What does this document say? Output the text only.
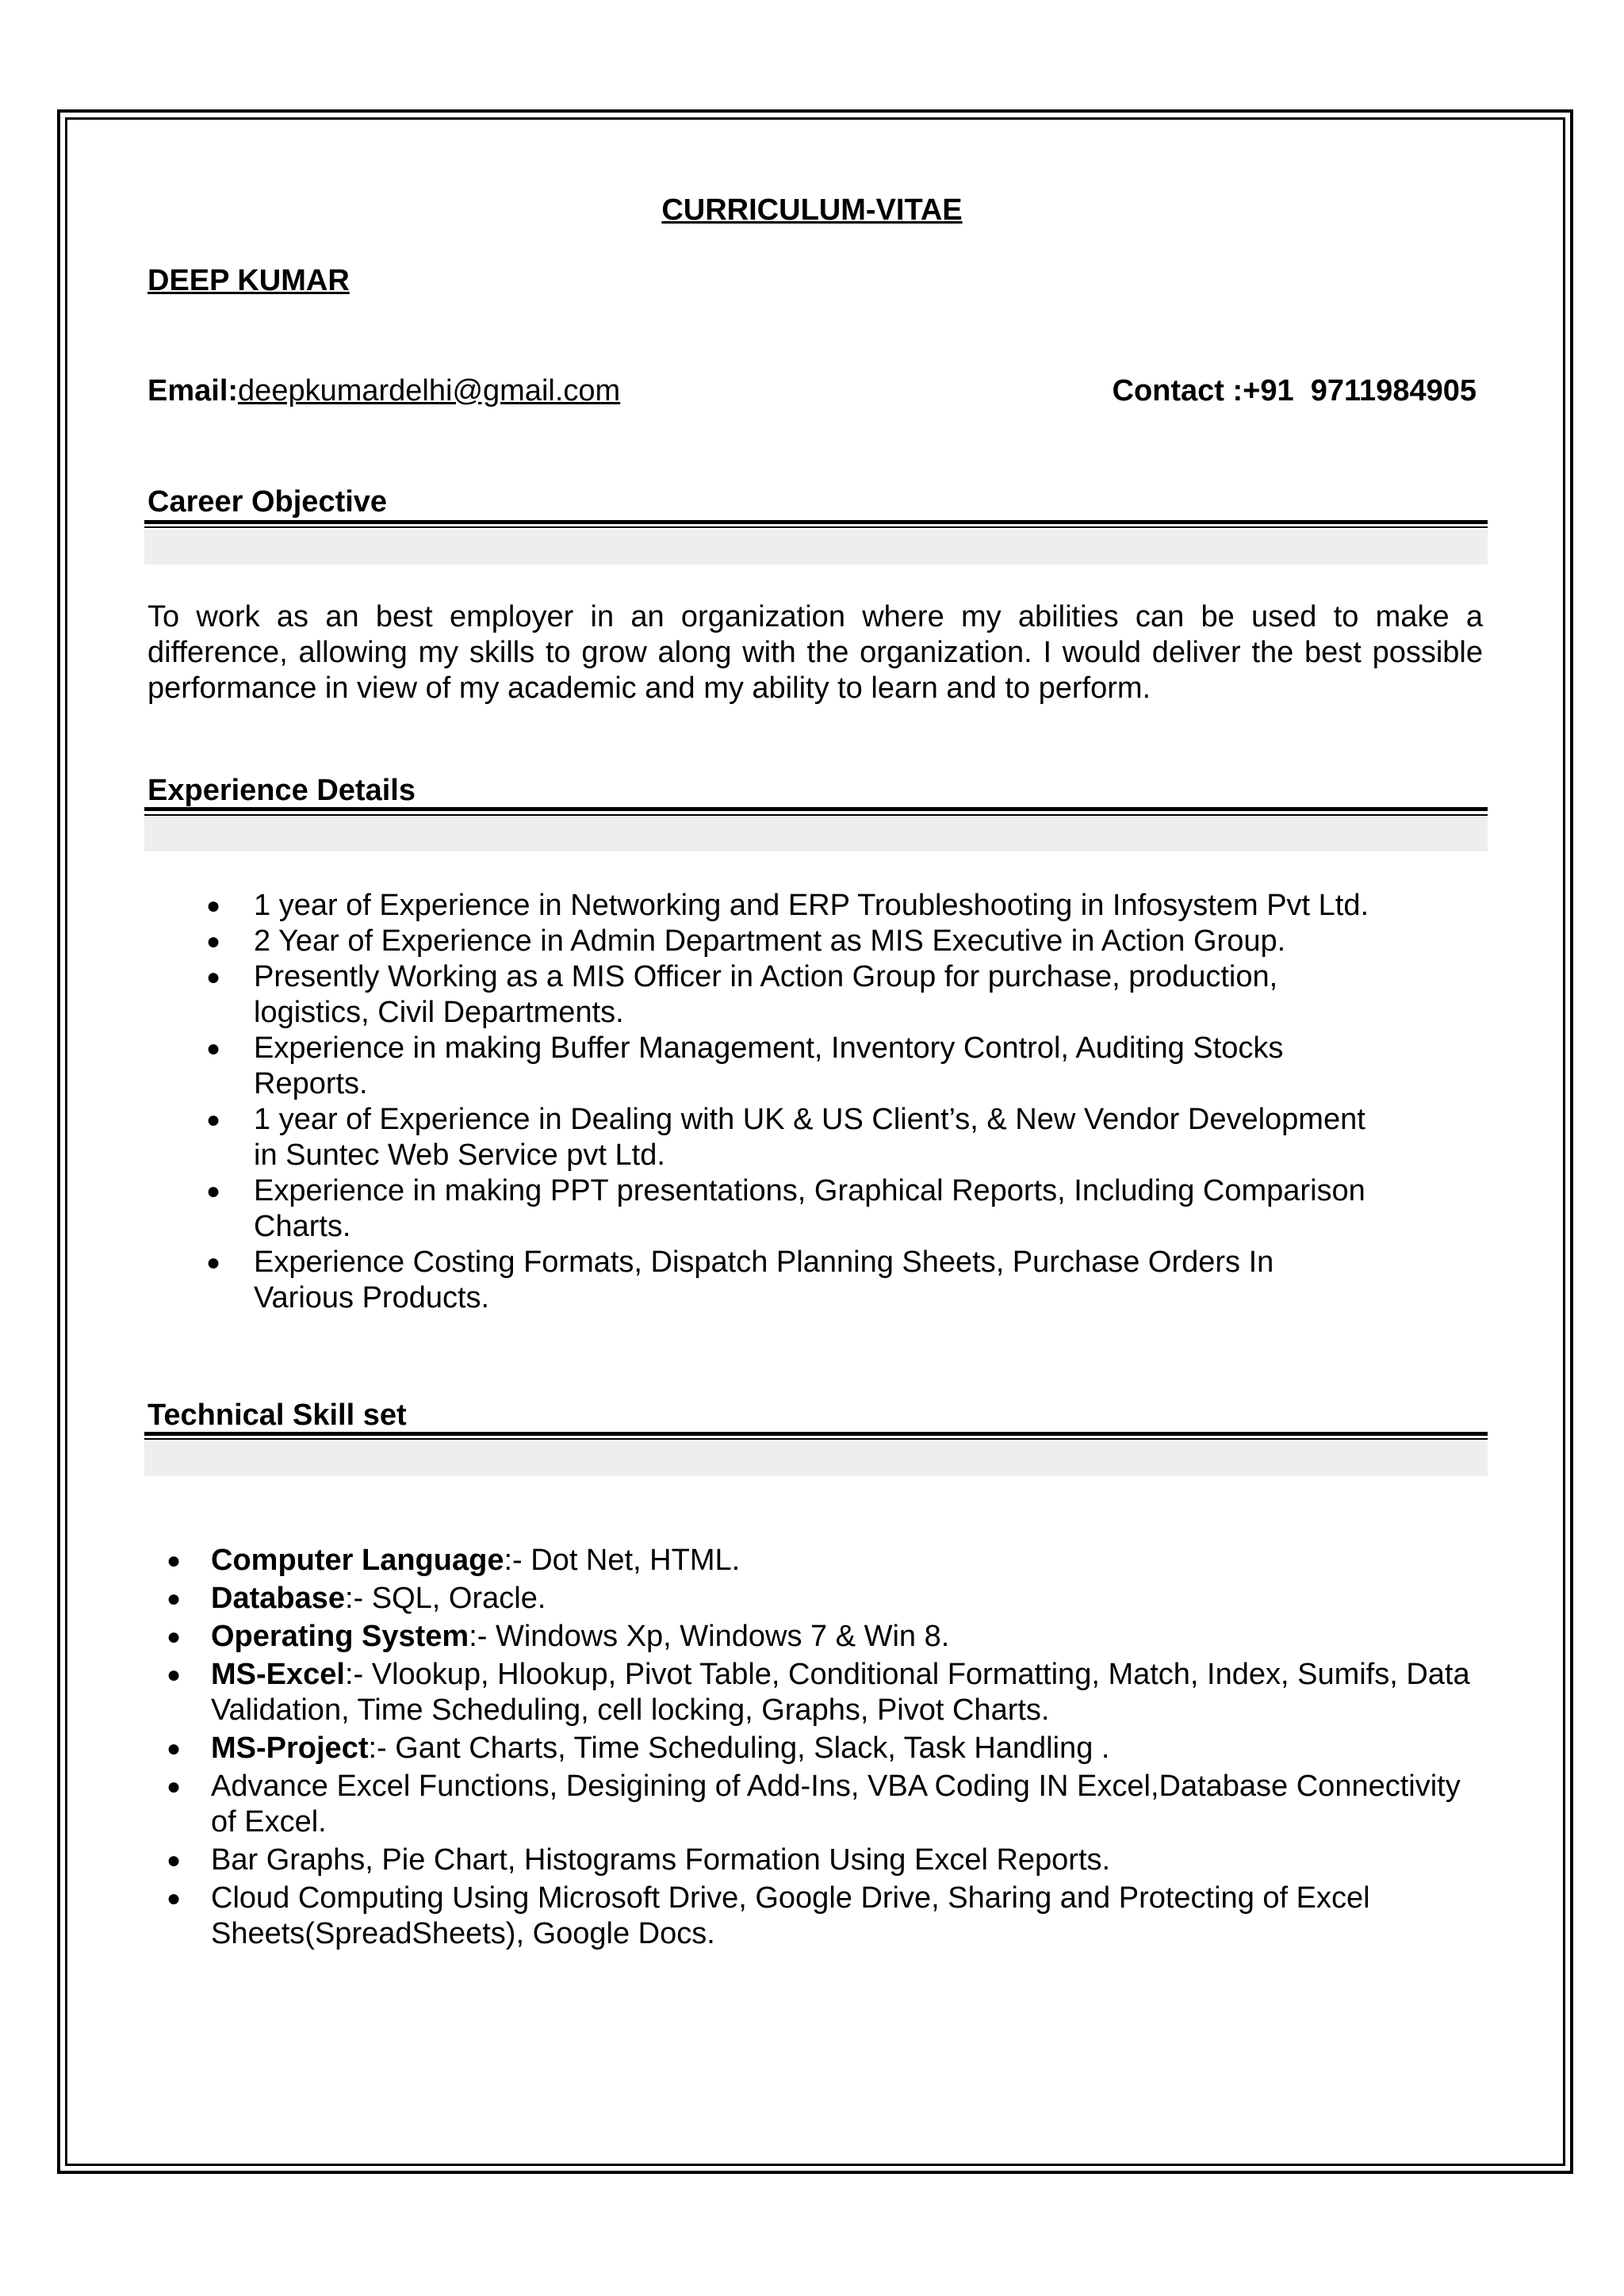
CURRICULUM-VITAE
DEEP KUMAR
Email:deepkumardelhi@gmail.com	Contact :+91  9711984905
Career Objective
To work as an best employer in an organization where my abilities can be used to make a difference, allowing my skills to grow along with the organization. I would deliver the best possible performance in view of my academic and my ability to learn and to perform.
Experience Details
● 1 year of Experience in Networking and ERP Troubleshooting in Infosystem Pvt Ltd.
● 2 Year of Experience in Admin Department as MIS Executive in Action Group.
● Presently Working as a MIS Officer in Action Group for purchase, production, logistics, Civil Departments.
● Experience in making Buffer Management, Inventory Control, Auditing Stocks Reports.
● 1 year of Experience in Dealing with UK & US Client’s, & New Vendor Development in Suntec Web Service pvt Ltd.
● Experience in making PPT presentations, Graphical Reports, Including Comparison Charts.
● Experience Costing Formats, Dispatch Planning Sheets, Purchase Orders In Various Products.
Technical Skill set
● Computer Language:- Dot Net, HTML.
● Database:- SQL, Oracle.
● Operating System:- Windows Xp, Windows 7 & Win 8.
● MS-Excel:- Vlookup, Hlookup, Pivot Table, Conditional Formatting, Match, Index, Sumifs, Data Validation, Time Scheduling, cell locking, Graphs, Pivot Charts.
● MS-Project:- Gant Charts, Time Scheduling, Slack, Task Handling .
● Advance Excel Functions, Desigining of Add-Ins, VBA Coding IN Excel,Database Connectivity of Excel.
● Bar Graphs, Pie Chart, Histograms Formation Using Excel Reports.
● Cloud Computing Using Microsoft Drive, Google Drive, Sharing and Protecting of Excel Sheets(SpreadSheets), Google Docs.
